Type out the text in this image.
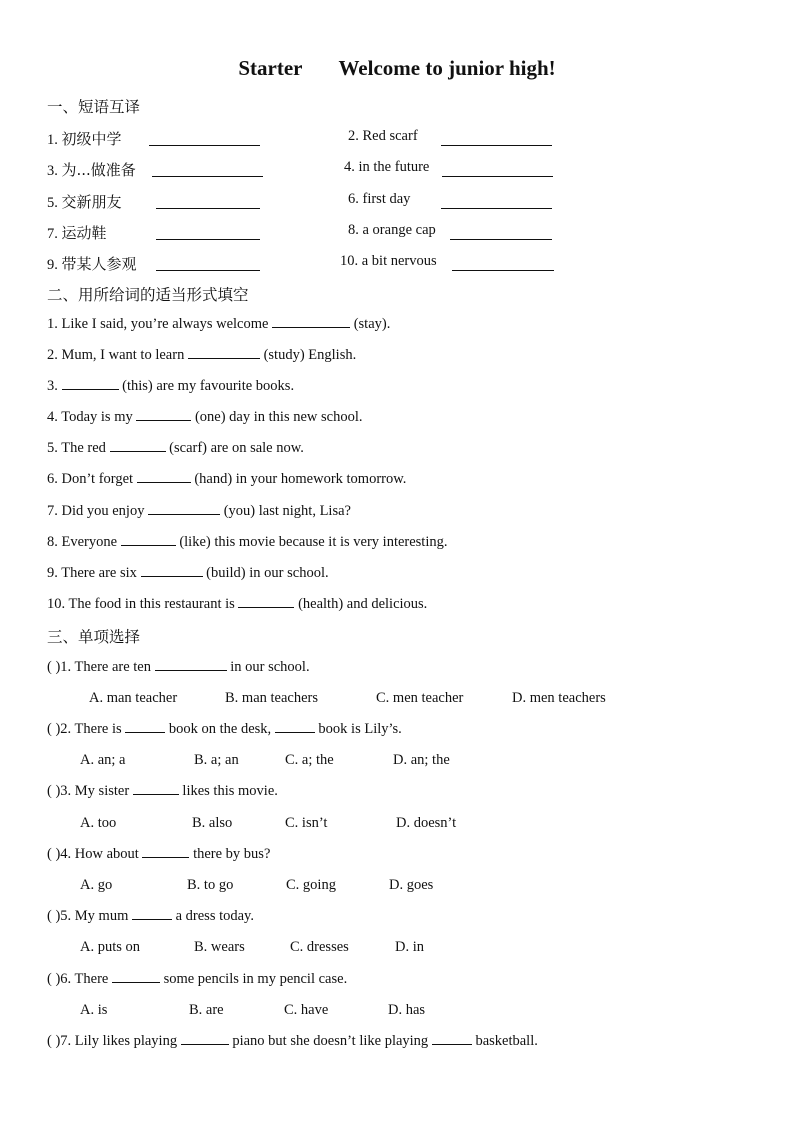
Starter Welcome to junior high!
一、短语互译
1. 初级中学	2. Red scarf
3. 为...做准备	4. in the future
5. 交新朋友	6. first day
7. 运动鞋	8. a orange cap
9. 带某人参观	10. a bit nervous
二、用所给词的适当形式填空
1. Like I said, you’re always welcome	(stay).
2. Mum, I want to learn	(study) English.
3.	(this) are my favourite books.
4. Today is my	(one) day in this new school.
5. The red	(scarf) are on sale now.
6. Don’t forget	(hand) in your homework tomorrow.
7. Did you enjoy	(you) last night, Lisa?
8. Everyone	(like) this movie because it is very interesting.
9. There are six	(build) in our school.
10. The food in this restaurant is	(health) and delicious.
三、单项选择
( )1. There are ten	in our school.
A. man teacher	B. man teachers	C. men teacher	D. men teachers
( )2. There is	book on the desk,	book is Lily’s.
A. an; a	B. a; an	C. a; the	D. an; the
( )3. My sister	likes this movie.
A. too	B. also	C. isn’t	D. doesn’t
( )4. How about	there by bus?
A. go	B. to go	C. going	D. goes
( )5. My mum	a dress today.
A. puts on	B. wears	C. dresses	D. in
( )6. There	some pencils in my pencil case.
A. is	B. are	C. have	D. has
( )7. Lily likes playing	piano but she doesn’t like playing	basketball.
